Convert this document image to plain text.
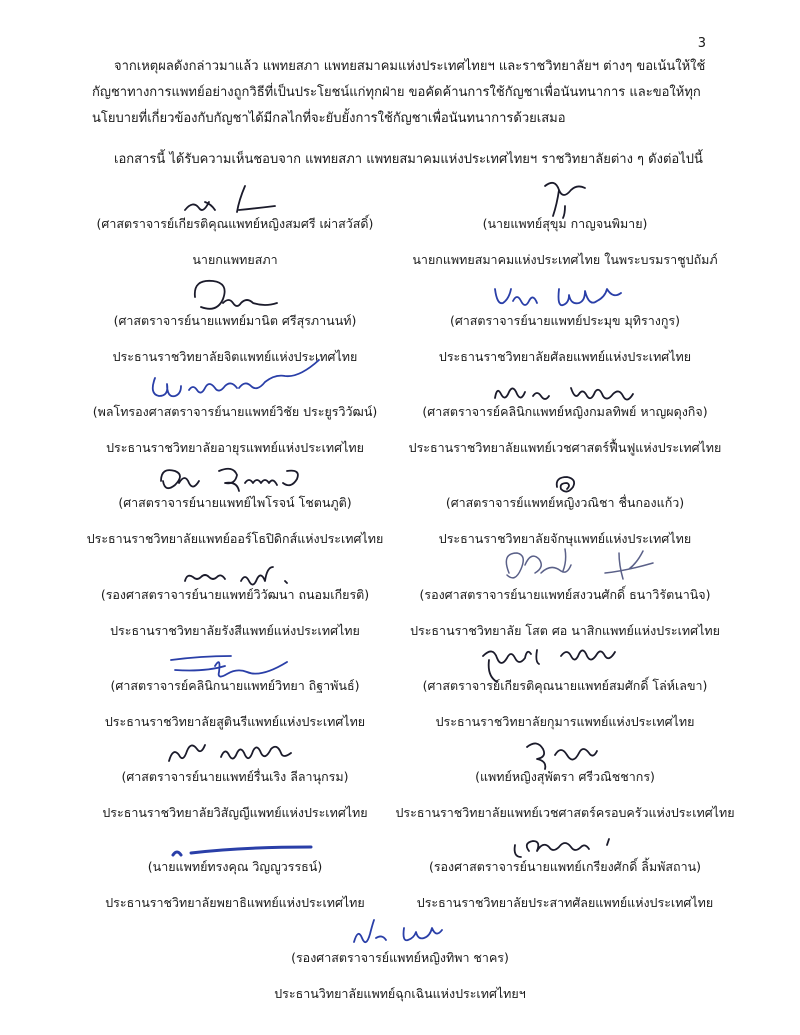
3

จากเหตุผลดังกล่าวมาแล้ว แพทยสภา แพทยสมาคมแห่งประเทศไทยฯ และราชวิทยาลัยฯ ต่างๆ ขอเน้นให้ใช้กัญชาทางการแพทย์อย่างถูกวิธีที่เป็นประโยชน์แก่ทุกฝ่าย ขอคัดค้านการใช้กัญชาเพื่อนันทนาการ และขอให้ทุกนโยบายที่เกี่ยวข้องกับกัญชาได้มีกลไกที่จะยับยั้งการใช้กัญชาเพื่อนันทนาการด้วยเสมอ

เอกสารนี้ ได้รับความเห็นชอบจาก แพทยสภา แพทยสมาคมแห่งประเทศไทยฯ ราชวิทยาลัยต่าง ๆ ดังต่อไปนี้

(ศาสตราจารย์เกียรติคุณแพทย์หญิงสมศรี เผ่าสวัสดิ์)
นายกแพทยสภา
(นายแพทย์สุขุม กาญจนพิมาย)
นายกแพทยสมาคมแห่งประเทศไทย ในพระบรมราชูปถัมภ์
(ศาสตราจารย์นายแพทย์มานิต ศรีสุรภานนท์)
ประธานราชวิทยาลัยจิตแพทย์แห่งประเทศไทย
(ศาสตราจารย์นายแพทย์ประมุข มุทิรางกูร)
ประธานราชวิทยาลัยศัลยแพทย์แห่งประเทศไทย
(พลโทรองศาสตราจารย์นายแพทย์วิชัย ประยูรวิวัฒน์)
ประธานราชวิทยาลัยอายุรแพทย์แห่งประเทศไทย
(ศาสตราจารย์คลินิกแพทย์หญิงกมลทิพย์ หาญผดุงกิจ)
ประธานราชวิทยาลัยแพทย์เวชศาสตร์ฟื้นฟูแห่งประเทศไทย
(ศาสตราจารย์นายแพทย์ไพโรจน์ โชตนภูติ)
ประธานราชวิทยาลัยแพทย์ออร์โธปิดิกส์แห่งประเทศไทย
(ศาสตราจารย์แพทย์หญิงวณิชา ชื่นกองแก้ว)
ประธานราชวิทยาลัยจักษุแพทย์แห่งประเทศไทย
(รองศาสตราจารย์นายแพทย์วิวัฒนา ถนอมเกียรติ)
ประธานราชวิทยาลัยรังสีแพทย์แห่งประเทศไทย
(รองศาสตราจารย์นายแพทย์สงวนศักดิ์ ธนาวิรัตนานิจ)
ประธานราชวิทยาลัย โสต ศอ นาสิกแพทย์แห่งประเทศไทย
(ศาสตราจารย์คลินิกนายแพทย์วิทยา ถิฐาพันธ์)
ประธานราชวิทยาลัยสูตินรีแพทย์แห่งประเทศไทย
(ศาสตราจารย์เกียรติคุณนายแพทย์สมศักดิ์ โล่ห์เลขา)
ประธานราชวิทยาลัยกุมารแพทย์แห่งประเทศไทย
(ศาสตราจารย์นายแพทย์รื่นเริง ลีลานุกรม)
ประธานราชวิทยาลัยวิสัญญีแพทย์แห่งประเทศไทย
(แพทย์หญิงสุพัตรา ศรีวณิชชากร)
ประธานราชวิทยาลัยแพทย์เวชศาสตร์ครอบครัวแห่งประเทศไทย
(นายแพทย์ทรงคุณ วิญญูวรรธน์)
ประธานราชวิทยาลัยพยาธิแพทย์แห่งประเทศไทย
(รองศาสตราจารย์นายแพทย์เกรียงศักดิ์ ลิ้มพัสถาน)
ประธานราชวิทยาลัยประสาทศัลยแพทย์แห่งประเทศไทย
(รองศาสตราจารย์แพทย์หญิงทิพา ชาคร)
ประธานวิทยาลัยแพทย์ฉุกเฉินแห่งประเทศไทยฯ
